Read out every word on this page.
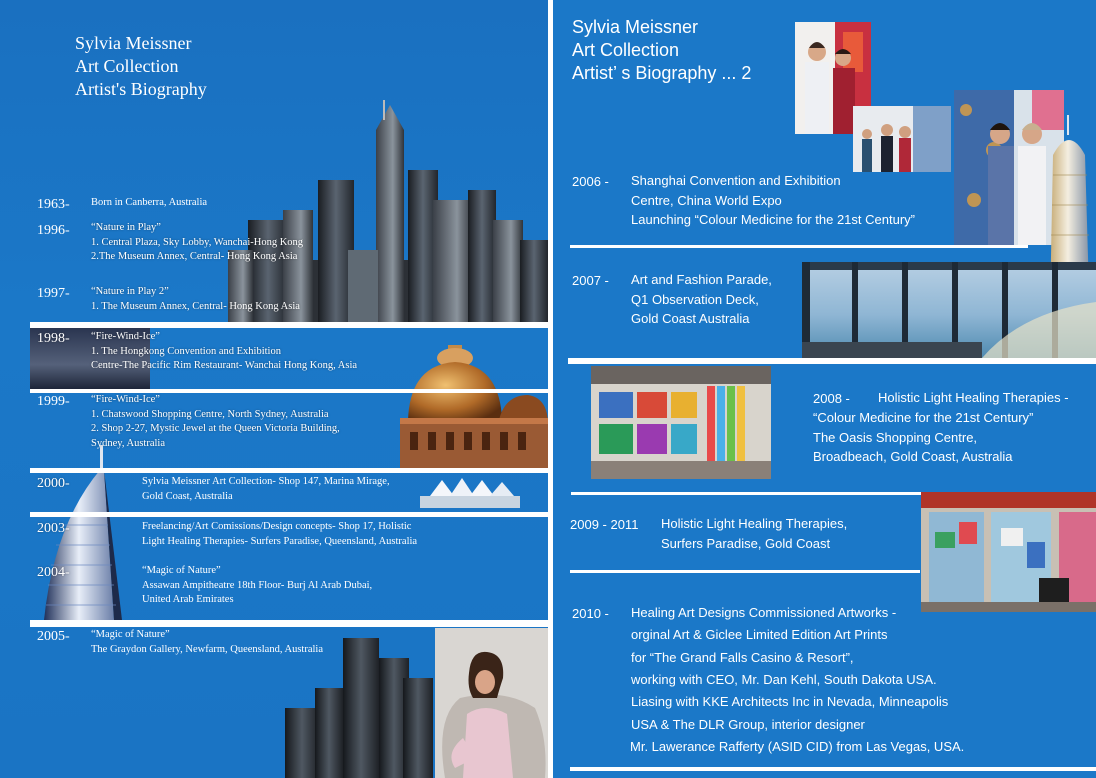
Sylvia Meissner
Art Collection
Artist's Biography
1963- Born in Canberra, Australia
1996- “Nature in Play”
1. Central Plaza, Sky Lobby, Wanchai-Hong Kong
2.The Museum Annex, Central- Hong Kong Asia
1997- “Nature in Play 2”
1. The Museum Annex, Central- Hong Kong Asia
1998- “Fire-Wind-Ice”
1. The Hongkong Convention and Exhibition
Centre-The Pacific Rim Restaurant- Wanchai Hong Kong, Asia
1999- “Fire-Wind-Ice”
1. Chatswood Shopping Centre, North Sydney, Australia
2. Shop 2-27, Mystic Jewel at the Queen Victoria Building,
Sydney, Australia
2000-	Sylvia Meissner Art Collection- Shop 147, Marina Mirage,
Gold Coast, Australia
2003-	Freelancing/Art Comissions/Design concepts- Shop 17, Holistic
Light Healing Therapies- Surfers Paradise, Queensland, Australia
2004-	“Magic of Nature”
Assawan Ampitheatre 18th Floor- Burj Al Arab Dubai,
United Arab Emirates
2005- “Magic of Nature”
The Graydon Gallery, Newfarm, Queensland, Australia
Sylvia Meissner
Art Collection
Artist’ s Biography ... 2
2006 - Shanghai Convention and Exhibition
Centre, China World Expo
Launching “Colour Medicine for the 21st Century”
2007 - Art and Fashion Parade,
Q1 Observation Deck,
Gold Coast Australia
2008 - Holistic Light Healing Therapies -
“Colour Medicine for the 21st Century”
The Oasis Shopping Centre,
Broadbeach, Gold Coast, Australia
2009 - 2011 Holistic Light Healing Therapies,
Surfers Paradise, Gold Coast
2010 - Healing Art Designs Commissioned Artworks -
orginal Art & Giclee Limited Edition Art Prints
for “The Grand Falls Casino & Resort”,
working with CEO, Mr. Dan Kehl, South Dakota USA.
Liasing with KKE Architects Inc in Nevada, Minneapolis
USA & The DLR Group, interior designer
Mr. Lawerance Rafferty (ASID CID) from Las Vegas, USA.
